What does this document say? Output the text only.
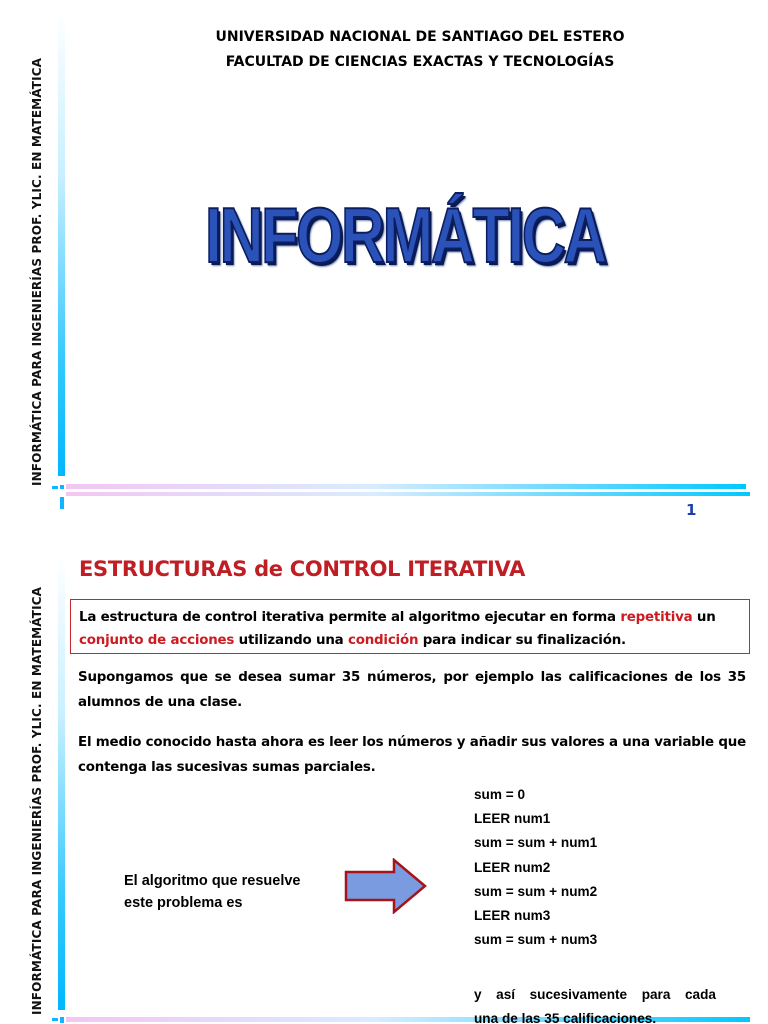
INFORMÁTICA PARA INGENIERÍAS PROF. YLIC. EN MATEMÁTICA
UNIVERSIDAD NACIONAL DE SANTIAGO DEL ESTERO
FACULTAD DE CIENCIAS EXACTAS Y TECNOLOGÍAS
INFORMÁTICA
1
INFORMÁTICA PARA INGENIERÍAS PROF. YLIC. EN MATEMÁTICA
ESTRUCTURAS de CONTROL ITERATIVA
La estructura de control iterativa permite al algoritmo ejecutar en forma repetitiva un conjunto de acciones utilizando una condición para indicar su finalización.
Supongamos que se desea sumar 35 números, por ejemplo las calificaciones de los 35 alumnos de una clase.
El medio conocido hasta ahora es leer los números y añadir sus valores a una variable que contenga las sucesivas sumas parciales.
El algoritmo que resuelve
este problema es
sum = 0
LEER num1
sum = sum + num1
LEER num2
sum = sum + num2
LEER num3
sum = sum + num3
y así sucesivamente para cada
una de las 35 calificaciones.
